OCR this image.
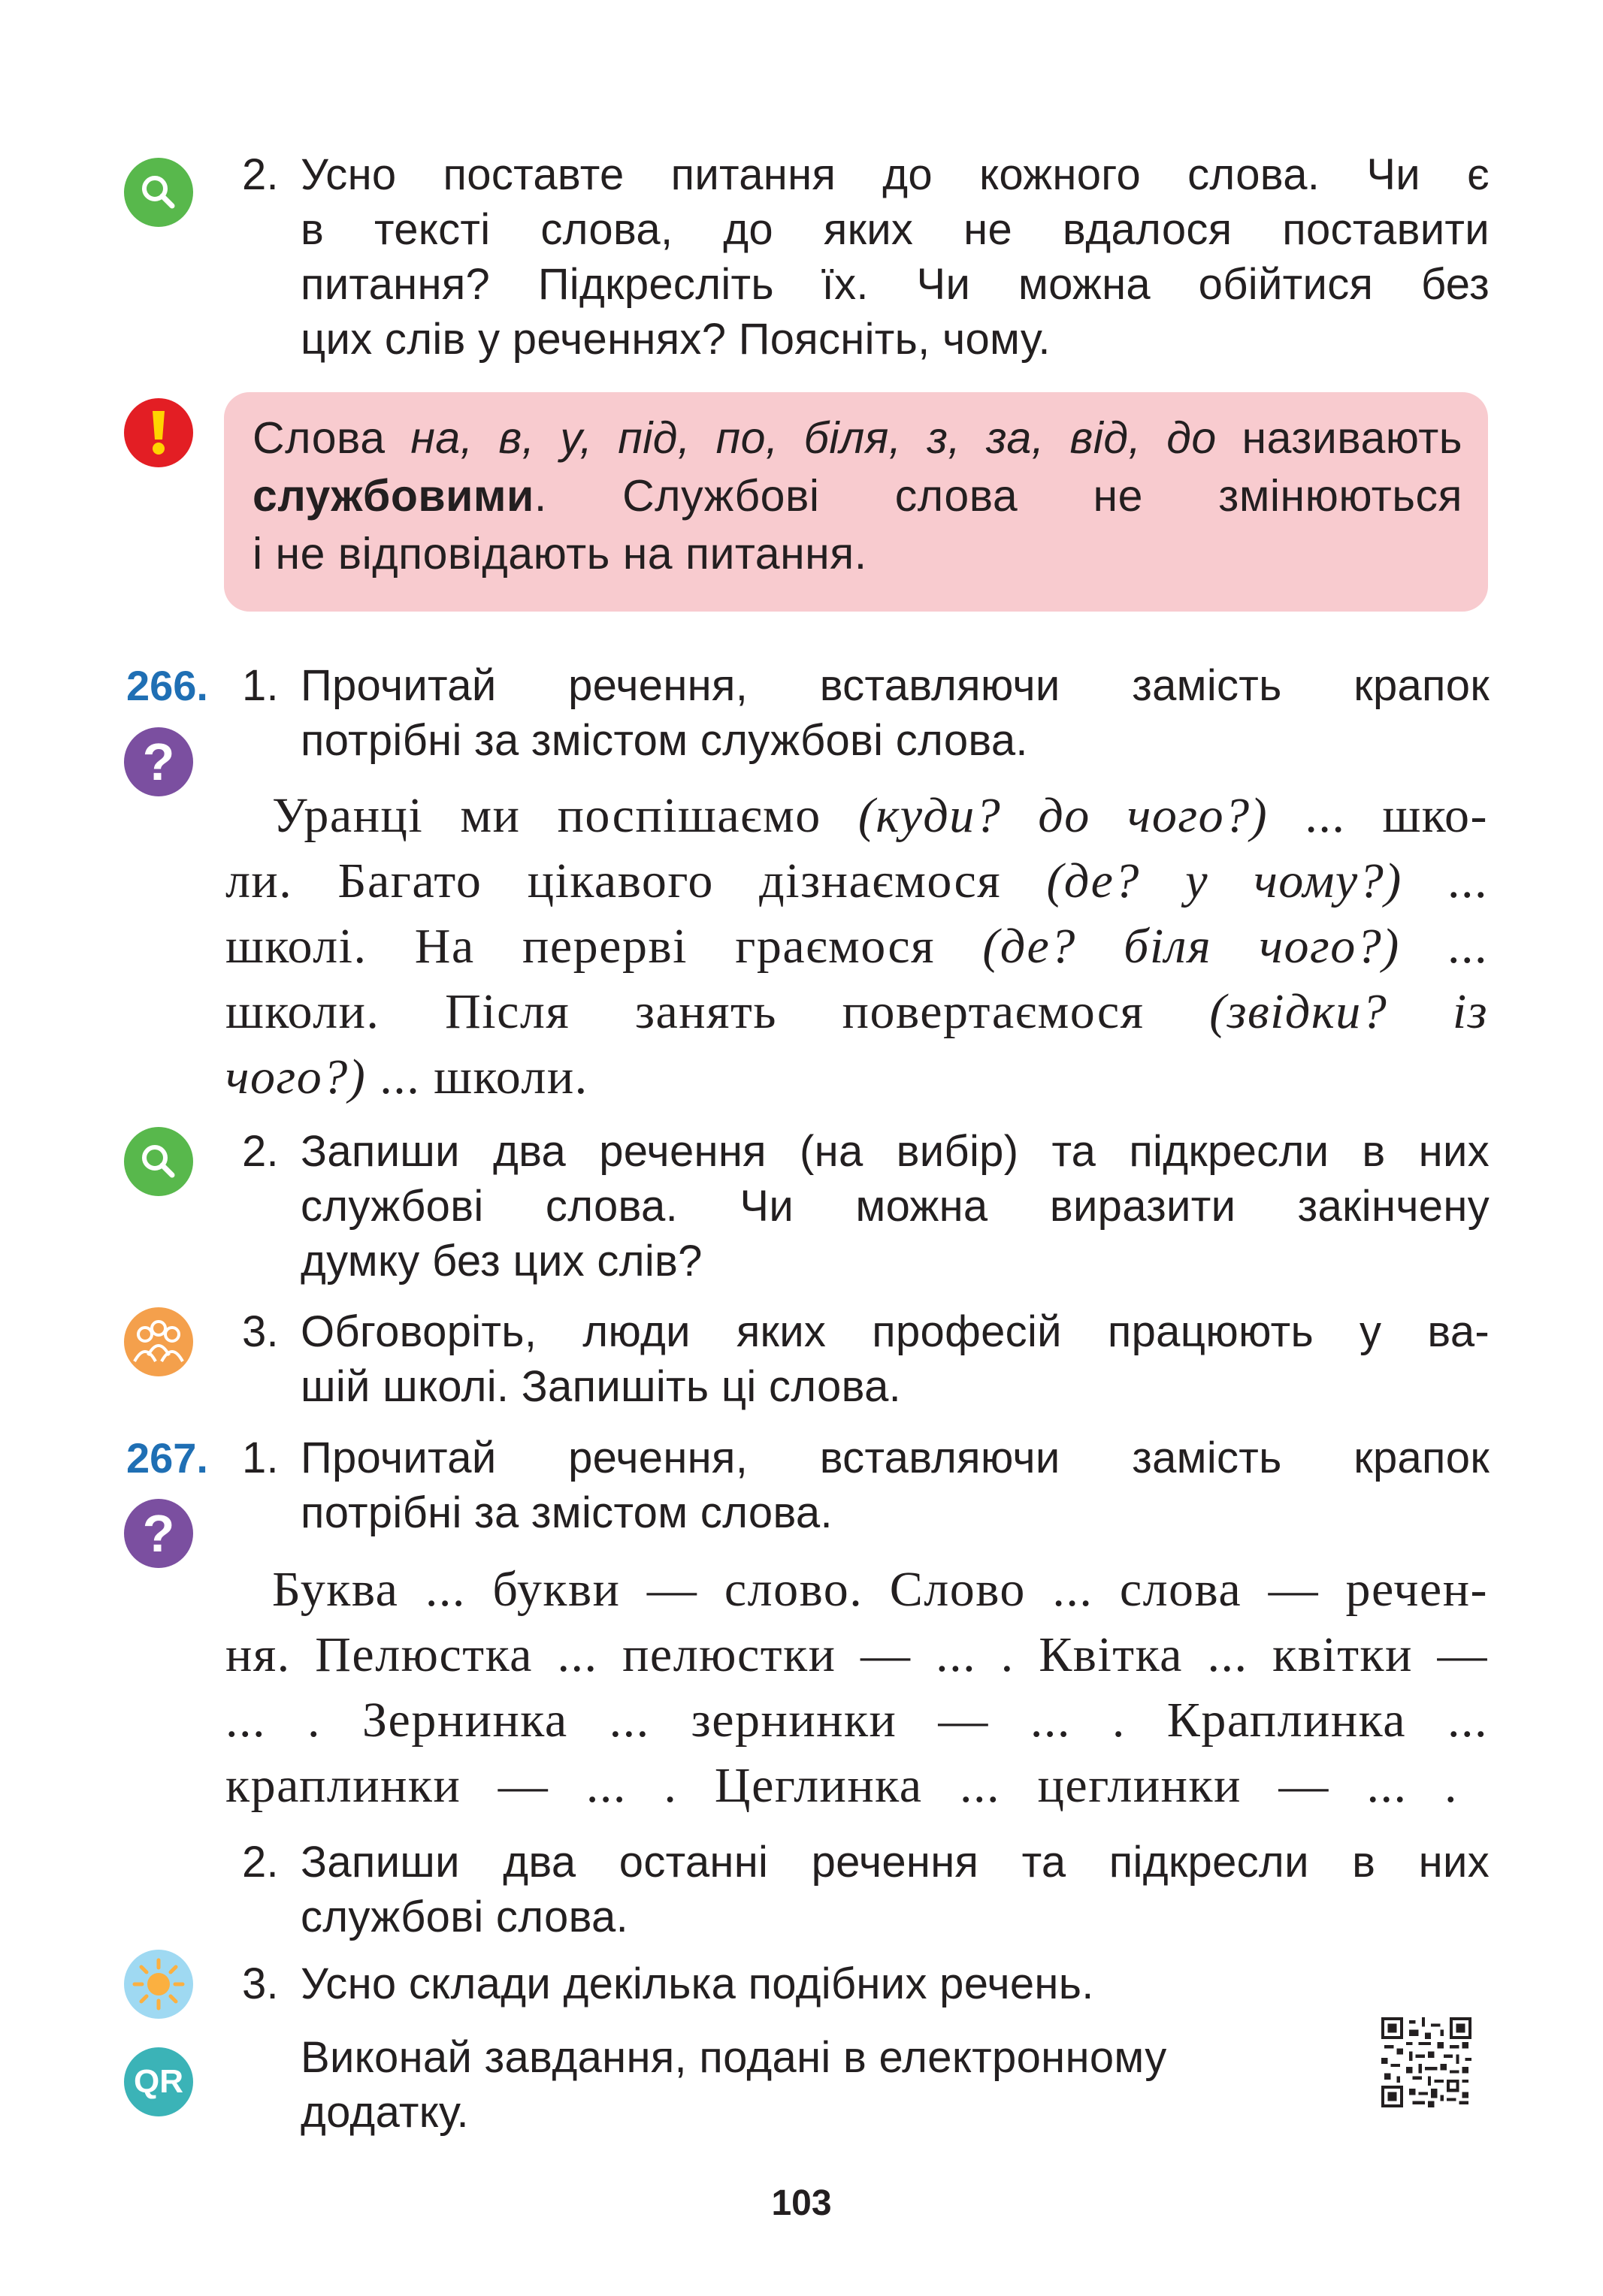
2. Усно поставте питання до кожного слова. Чи є
в тексті слова, до яких не вдалося поставити
питання? Підкресліть їх. Чи можна обійтися без
цих слів у реченнях? Поясніть, чому.
Слова на, в, у, під, по, біля, з, за, від, до називають
службовими. Службові слова не змінюються
і не відповідають на питання.
266.
?
1. Прочитай речення, вставляючи замість крапок
потрібні за змістом службові слова.
Уранці ми поспішаємо (куди? до чого?) ... шко-
ли. Багато цікавого дізнаємося (де? у чому?) ...
школі. На перерві граємося (де? біля чого?) ...
школи. Після занять повертаємося (звідки? із
чого?) ... школи.
2. Запиши два речення (на вибір) та підкресли в них
службові слова. Чи можна виразити закінчену
думку без цих слів?
3. Обговоріть, люди яких професій працюють у ва-
шій школі. Запишіть ці слова.
267.
?
1. Прочитай речення, вставляючи замість крапок
потрібні за змістом слова.
Буква ... букви — слово. Слово ... слова — речен-
ня. Пелюстка ... пелюстки — ... . Квітка ... квітки —
... . Зернинка ... зернинки — ... . Краплинка ...
краплинки — ... . Цеглинка ... цеглинки — ... .
2. Запиши два останні речення та підкресли в них
службові слова.
3. Усно склади декілька подібних речень.
QR	Виконай завдання, подані в електронному
додатку.
103
